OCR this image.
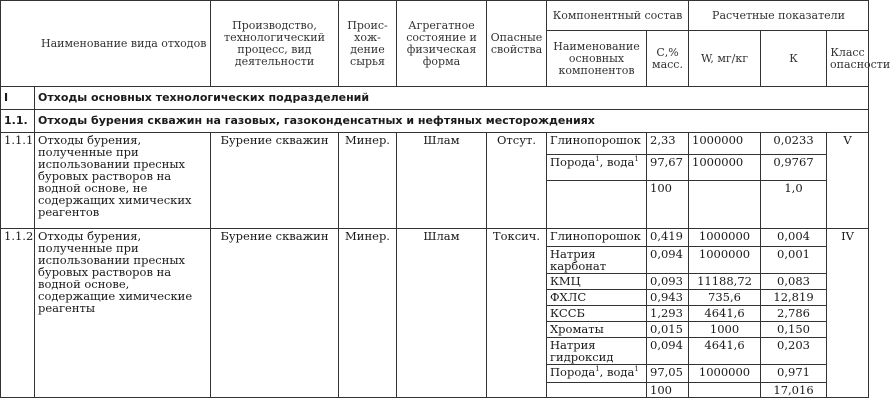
Наименование вида отходов		Производство, технологический процесс, вид деятельности	Проис-хож-дение сырья	Агрегатное состояние и физическая форма	Опасные свойства	Компонентный состав		Расчетные показатели		
						Наименование основных компонентов	С,% масс.	W, мг/кг	К	Класс опасности
I	Отходы основных технологических подразделений									
1.1.	Отходы бурения скважин на газовых, газоконденсатных и нефтяных месторождениях									
1.1.1	Отходы бурения, полученные при использовании пресных буровых растворов на водной основе, не содержащих химических реагентов	Бурение скважин	Минер.	Шлам	Отсут.	Глинопорошок	2,33	1000000	0,0233	V
						Порода$^1$, вода$^1$	97,67	1000000	0,9767	
							100		1,0	
1.1.2	Отходы бурения, полученные при использовании пресных буровых растворов на водной основе, содержащие химические реагенты	Бурение скважин	Минер.	Шлам	Токсич.	Глинопорошок	0,419	1000000	0,004	IV
						Натрия карбонат	0,094	1000000	0,001	
						КМЦ	0,093	11188,72	0,083	
						ФХЛС	0,943	735,6	12,819	
						КССБ	1,293	4641,6	2,786	
						Хроматы	0,015	1000	0,150	
						Натрия гидроксид	0,094	4641,6	0,203	
						Порода$^1$, вода$^1$	97,05	1000000	0,971	
							100		17,016	
